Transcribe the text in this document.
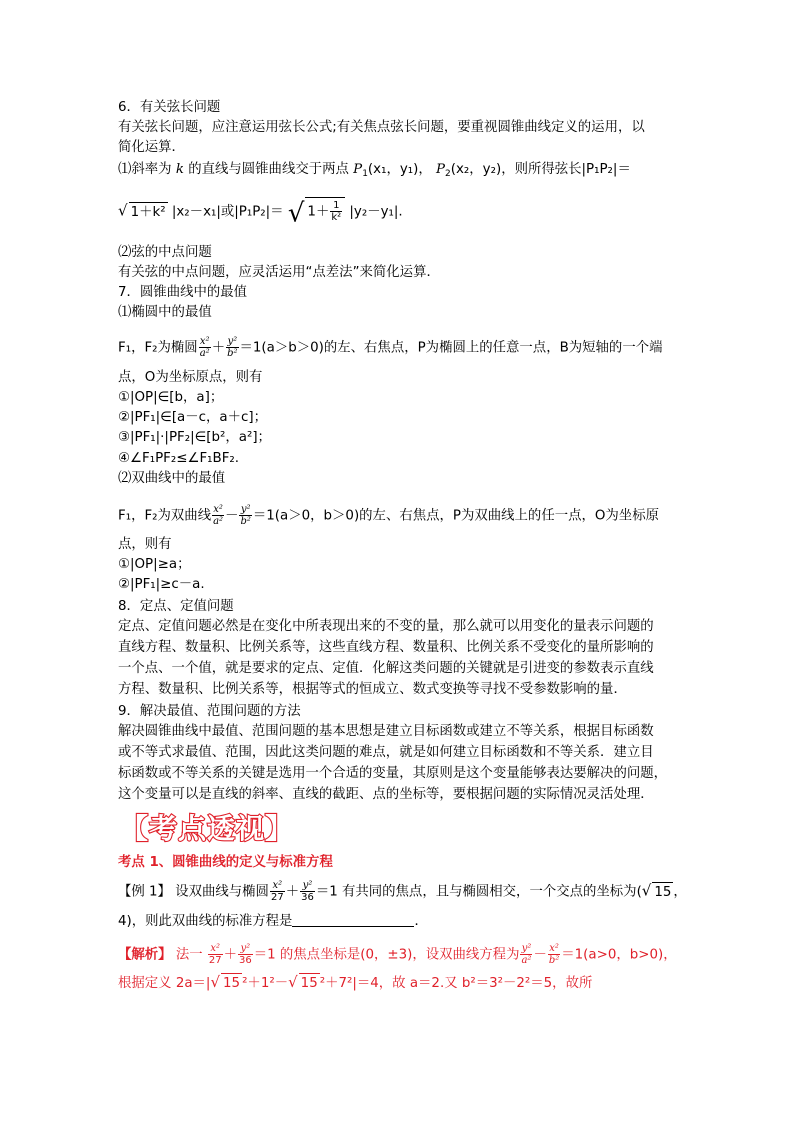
6．有关弦长问题
有关弦长问题，应注意运用弦长公式;有关焦点弦长问题，要重视圆锥曲线定义的运用，以
简化运算．
⑴斜率为 k 的直线与圆锥曲线交于两点 $P_1(x_1$，y₁)， $P_2(x_2$，y₂)，则所得弦长|P₁P₂|＝
√ 1＋k² |x₂－x₁|或|P₁P₂|＝ √ $1+ \frac{1}{\text{k²}} |y_2-y_1|$.
⑵弦的中点问题
有关弦的中点问题，应灵活运用“点差法”来简化运算．
7．圆锥曲线中的最值
⑴椭圆中的最值
F₁，F₂为椭圆 $\frac{\text{x²}}{\text{a²}} + \frac{\text{y²}}{\text{b²}} =1(a>b>0)$的左、右焦点，P为椭圆上的任意一点，B为短轴的一个端
点，O为坐标原点，则有
①|OP|∈[b，a]；
②|PF₁|∈[a－c，a＋c]；
③|PF₁|·|PF₂|∈[b²，a²]；
④∠F₁PF₂≤∠F₁BF₂.
⑵双曲线中的最值
F₁，F₂为双曲线 $\frac{\text{x²}}{\text{a²}} - \frac{\text{y²}}{\text{b²}} =1(a>0$，b＞0)的左、右焦点，P为双曲线上的任一点，O为坐标原
点，则有
①|OP|≥a；
②|PF₁|≥c－a.
8．定点、定值问题
定点、定值问题必然是在变化中所表现出来的不变的量，那么就可以用变化的量表示问题的
直线方程、数量积、比例关系等，这些直线方程、数量积、比例关系不受变化的量所影响的
一个点、一个值，就是要求的定点、定值．化解这类问题的关键就是引进变的参数表示直线
方程、数量积、比例关系等，根据等式的恒成立、数式变换等寻找不受参数影响的量．
9．解决最值、范围问题的方法
解决圆锥曲线中最值、范围问题的基本思想是建立目标函数或建立不等关系，根据目标函数
或不等式求最值、范围，因此这类问题的难点，就是如何建立目标函数和不等关系．建立目
标函数或不等关系的关键是选用一个合适的变量，其原则是这个变量能够表达要解决的问题，
这个变量可以是直线的斜率、直线的截距、点的坐标等，要根据问题的实际情况灵活处理．
【考点透视】
考点 1、圆锥曲线的定义与标准方程
【例 1】 设双曲线与椭圆 $\frac{\text{x²}}{27} + \frac{\text{y²}}{36} =1$ 有共同的焦点，且与椭圆相交，一个交点的坐标为(√ 15 ，
4)，则此双曲线的标准方程是	．
【解析】 法一 $\frac{\text{x²}}{27} + \frac{\text{y²}}{36} =1$ 的焦点坐标是(0，±3)，设双曲线方程为 $\frac{\text{y²}}{\text{a²}} - \frac{\text{x²}}{\text{b²}} =1(a>0$，b>0)，
根据定义 2a＝|√ 15 ²＋1²－√ 15 ²＋7²|＝4，故 a＝2.又 b²＝3²－2²＝5，故所
